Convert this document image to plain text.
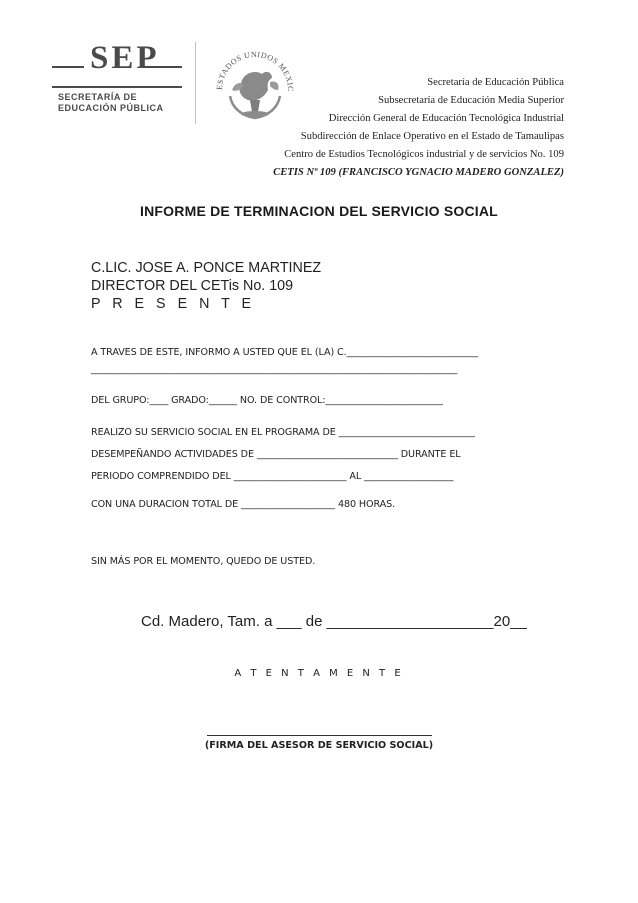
SEP
SECRETARÍA DE
EDUCACIÓN PÚBLICA
ESTADOS UNIDOS MEXIC
Secretaría de Educación Pública
Subsecretaría de Educación Media Superior
Dirección General de Educación Tecnológica Industrial
Subdirección de Enlace Operativo en el Estado de Tamaulipas
Centro de Estudios Tecnológicos industrial y de servicios No. 109
CETIS Nº 109 (FRANCISCO YGNACIO MADERO GONZALEZ)
INFORME DE TERMINACION DEL SERVICIO SOCIAL
C.LIC. JOSE A. PONCE MARTINEZ
DIRECTOR DEL CETis No. 109
P R E S E N T E
A TRAVES DE ESTE, INFORMO A USTED QUE EL (LA) C.____________________________
______________________________________________________________________________
DEL GRUPO:____ GRADO:______ NO. DE CONTROL:_________________________
REALIZO SU SERVICIO SOCIAL EN EL PROGRAMA DE _____________________________
DESEMPEÑANDO ACTIVIDADES DE ______________________________ DURANTE EL
PERIODO COMPRENDIDO DEL ________________________ AL ___________________
CON UNA DURACION TOTAL DE ____________________ 480 HORAS.
SIN MÁS POR EL MOMENTO, QUEDO DE USTED.
Cd. Madero, Tam. a ___ de ____________________20__
A T E N T A M E N T E
(FIRMA DEL ASESOR DE SERVICIO SOCIAL)
